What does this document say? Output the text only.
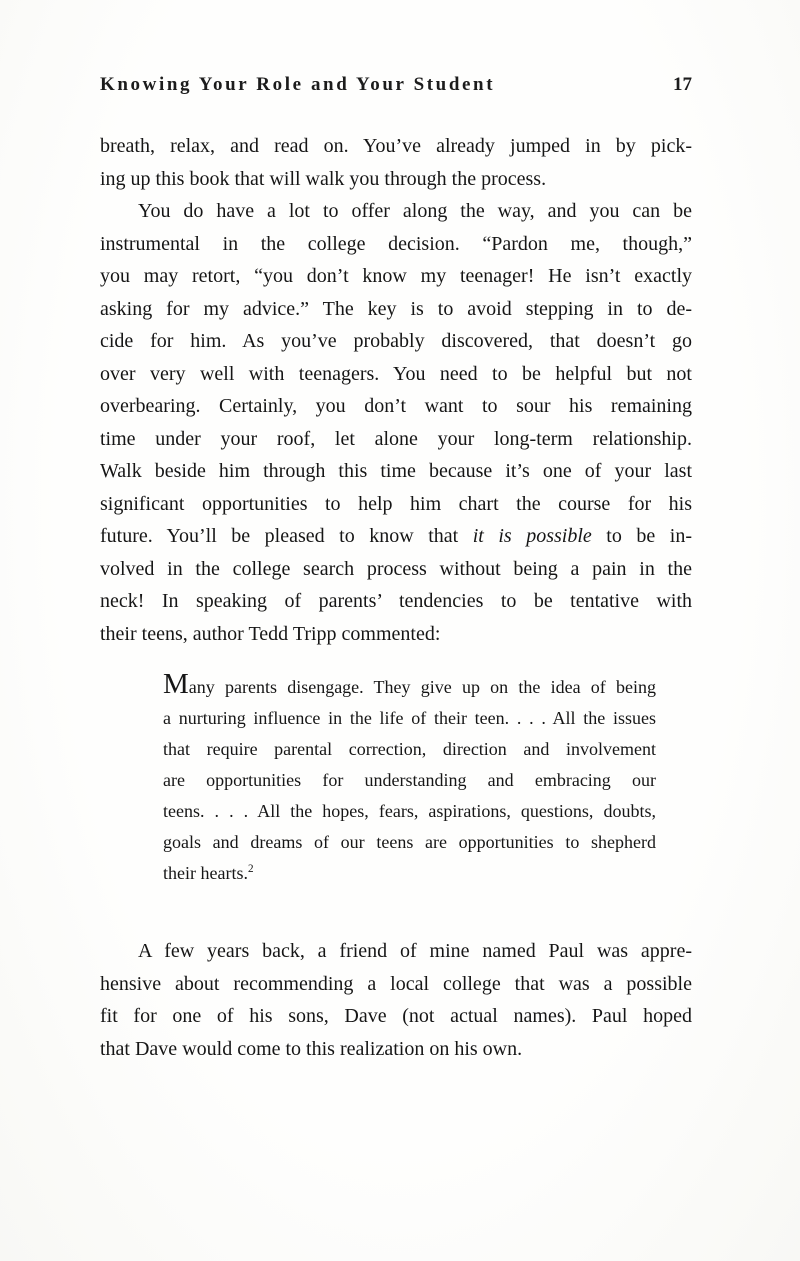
Knowing Your Role and Your Student	17
breath, relax, and read on. You’ve already jumped in by pick-
ing up this book that will walk you through the process.
You do have a lot to offer along the way, and you can be
instrumental in the college decision. “Pardon me, though,”
you may retort, “you don’t know my teenager! He isn’t exactly
asking for my advice.” The key is to avoid stepping in to de-
cide for him. As you’ve probably discovered, that doesn’t go
over very well with teenagers. You need to be helpful but not
overbearing. Certainly, you don’t want to sour his remaining
time under your roof, let alone your long-term relationship.
Walk beside him through this time because it’s one of your last
significant opportunities to help him chart the course for his
future. You’ll be pleased to know that it is possible to be in-
volved in the college search process without being a pain in the
neck! In speaking of parents’ tendencies to be tentative with
their teens, author Tedd Tripp commented:
Many parents disengage. They give up on the idea of being
a nurturing influence in the life of their teen. . . . All the issues
that require parental correction, direction and involvement
are opportunities for understanding and embracing our
teens. . . . All the hopes, fears, aspirations, questions, doubts,
goals and dreams of our teens are opportunities to shepherd
their hearts.$^2$
A few years back, a friend of mine named Paul was appre-
hensive about recommending a local college that was a possible
fit for one of his sons, Dave (not actual names). Paul hoped
that Dave would come to this realization on his own.
